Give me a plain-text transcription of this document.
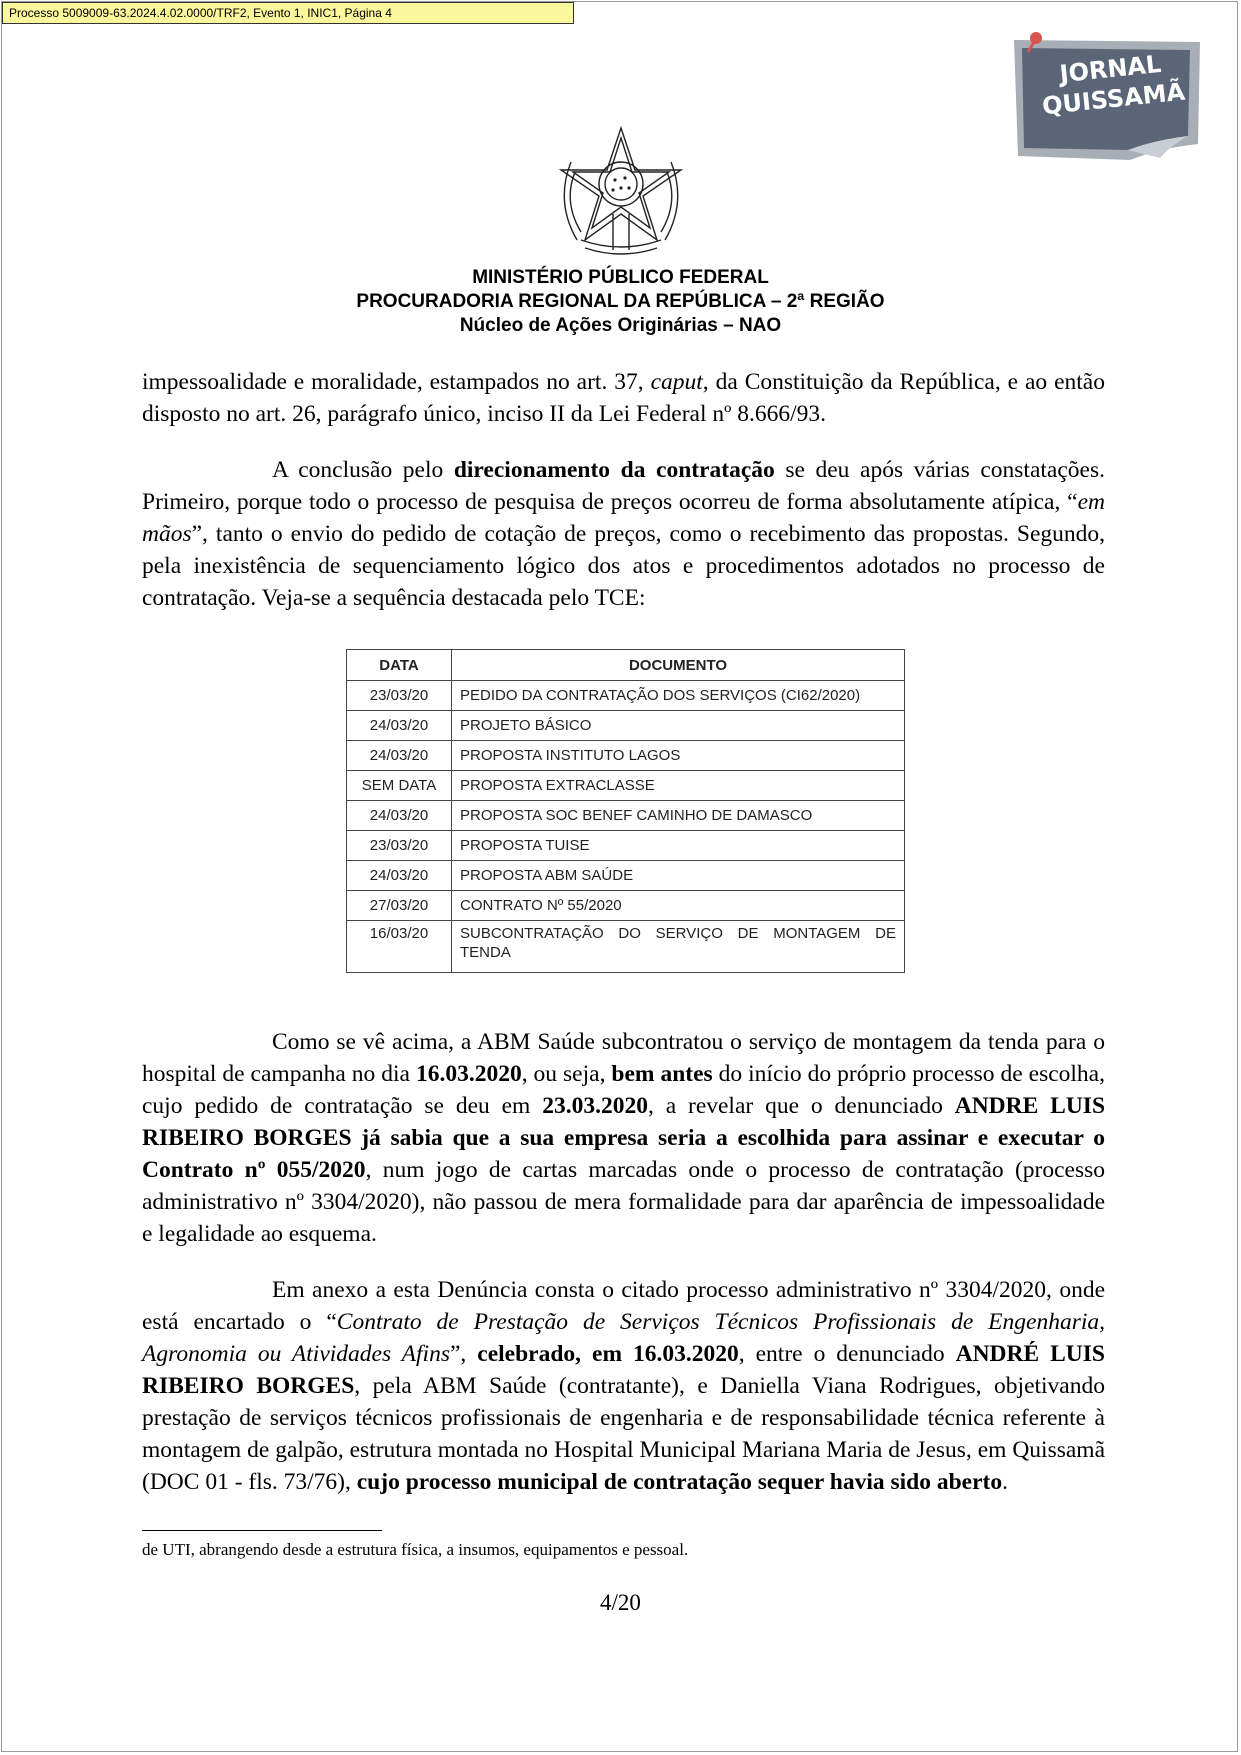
Processo 5009009-63.2024.4.02.0000/TRF2, Evento 1, INIC1, Página 4
JORNAL
QUISSAMÃ
MINISTÉRIO PÚBLICO FEDERAL
PROCURADORIA REGIONAL DA REPÚBLICA – 2ª REGIÃO
Núcleo de Ações Originárias – NAO

impessoalidade e moralidade, estampados no art. 37, caput, da Constituição da República, e ao então disposto no art. 26, parágrafo único, inciso II da Lei Federal nº 8.666/93.

A conclusão pelo direcionamento da contratação se deu após várias constatações. Primeiro, porque todo o processo de pesquisa de preços ocorreu de forma absolutamente atípica, “em mãos”, tanto o envio do pedido de cotação de preços, como o recebimento das propostas. Segundo, pela inexistência de sequenciamento lógico dos atos e procedimentos adotados no processo de contratação. Veja-se a sequência destacada pelo TCE:

DATA	DOCUMENTO
23/03/20	PEDIDO DA CONTRATAÇÃO DOS SERVIÇOS (CI62/2020)
24/03/20	PROJETO BÁSICO
24/03/20	PROPOSTA INSTITUTO LAGOS
SEM DATA	PROPOSTA EXTRACLASSE
24/03/20	PROPOSTA SOC BENEF CAMINHO DE DAMASCO
23/03/20	PROPOSTA TUISE
24/03/20	PROPOSTA ABM SAÚDE
27/03/20	CONTRATO Nº 55/2020
16/03/20	SUBCONTRATAÇÃO DO SERVIÇO DE MONTAGEM DE TENDA

Como se vê acima, a ABM Saúde subcontratou o serviço de montagem da tenda para o hospital de campanha no dia 16.03.2020, ou seja, bem antes do início do próprio processo de escolha, cujo pedido de contratação se deu em 23.03.2020, a revelar que o denunciado ANDRE LUIS RIBEIRO BORGES já sabia que a sua empresa seria a escolhida para assinar e executar o Contrato nº 055/2020, num jogo de cartas marcadas onde o processo de contratação (processo administrativo nº 3304/2020), não passou de mera formalidade para dar aparência de impessoalidade e legalidade ao esquema.

Em anexo a esta Denúncia consta o citado processo administrativo nº 3304/2020, onde está encartado o “Contrato de Prestação de Serviços Técnicos Profissionais de Engenharia, Agronomia ou Atividades Afins”, celebrado, em 16.03.2020, entre o denunciado ANDRÉ LUIS RIBEIRO BORGES, pela ABM Saúde (contratante), e Daniella Viana Rodrigues, objetivando prestação de serviços técnicos profissionais de engenharia e de responsabilidade técnica referente à montagem de galpão, estrutura montada no Hospital Municipal Mariana Maria de Jesus, em Quissamã (DOC 01 - fls. 73/76), cujo processo municipal de contratação sequer havia sido aberto.

de UTI, abrangendo desde a estrutura física, a insumos, equipamentos e pessoal.
4/20
